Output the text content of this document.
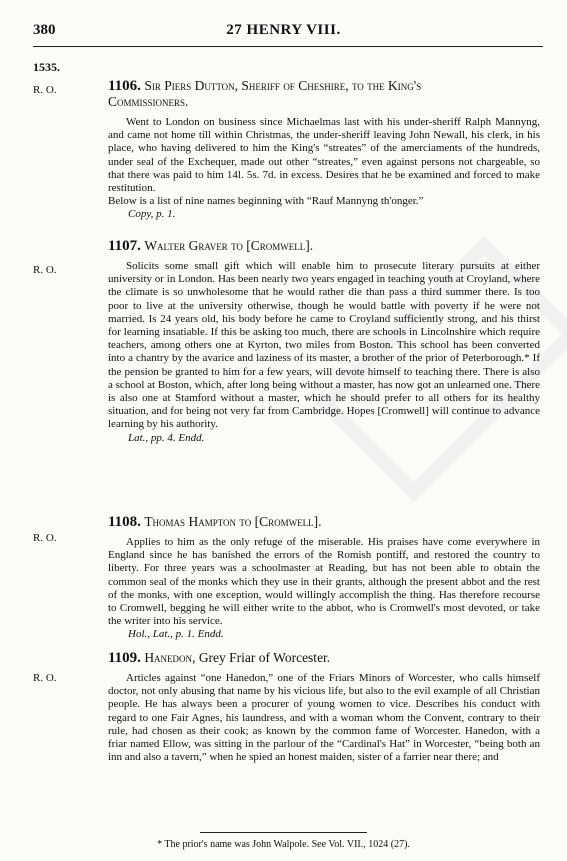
380	27 HENRY VIII.
1535.
R. O.	1106. Sir Piers Dutton, Sheriff of Cheshire, to the King's
Commissioners.

Went to London on business since Michaelmas last with his under-sheriff Ralph Mannyng, and came not home till within Christmas, the under-sheriff leaving John Newall, his clerk, in his place, who having delivered to him the King's “streates” of the amerciaments of the hundreds, under seal of the Exchequer, made out other “streates,” even against persons not chargeable, so that there was paid to him 14l. 5s. 7d. in excess. Desires that he be examined and forced to make restitution.

Below is a list of nine names beginning with “Rauf Mannyng th'onger.”

Copy, p. 1.

R. O.

1107. Walter Graver to [Cromwell].

Solicits some small gift which will enable him to prosecute literary pursuits at either university or in London. Has been nearly two years engaged in teaching youth at Croyland, where the climate is so unwholesome that he would rather die than pass a third summer there. Is too poor to live at the university otherwise, though he would battle with poverty if he were not married. Is 24 years old, his body before he came to Croyland sufficiently strong, and his thirst for learning insatiable. If this be asking too much, there are schools in Lincolnshire which require teachers, among others one at Kyrton, two miles from Boston. This school has been converted into a chantry by the avarice and laziness of its master, a brother of the prior of Peterborough.* If the pension be granted to him for a few years, will devote himself to teaching there. There is also a school at Boston, which, after long being without a master, has now got an unlearned one. There is also one at Stamford without a master, which he should prefer to all others for its healthy situation, and for being not very far from Cambridge. Hopes [Cromwell] will continue to advance learning by his authority.

Lat., pp. 4. Endd.

R. O.

1108. Thomas Hampton to [Cromwell].

Applies to him as the only refuge of the miserable. His praises have come everywhere in England since he has banished the errors of the Romish pontiff, and restored the country to liberty. For three years was a schoolmaster at Reading, but has not been able to obtain the common seal of the monks which they use in their grants, although the present abbot and the rest of the monks, with one exception, would willingly accomplish the thing. Has therefore recourse to Cromwell, begging he will either write to the abbot, who is Cromwell's most devoted, or take the writer into his service.

Hol., Lat., p. 1. Endd.

R. O.

1109. Hanedon, Grey Friar of Worcester.

Articles against “one Hanedon,” one of the Friars Minors of Worcester, who calls himself doctor, not only abusing that name by his vicious life, but also to the evil example of all Christian people. He has always been a procurer of young women to vice. Describes his conduct with regard to one Fair Agnes, his laundress, and with a woman whom the Convent, contrary to their rule, had chosen as their cook; as known by the common fame of Worcester. Hanedon, with a friar named Ellow, was sitting in the parlour of the “Cardinal's Hat” in Worcester, “being both an inn and also a tavern,” when he spied an honest maiden, sister of a farrier near there; and

* The prior's name was John Walpole. See Vol. VII., 1024 (27).
